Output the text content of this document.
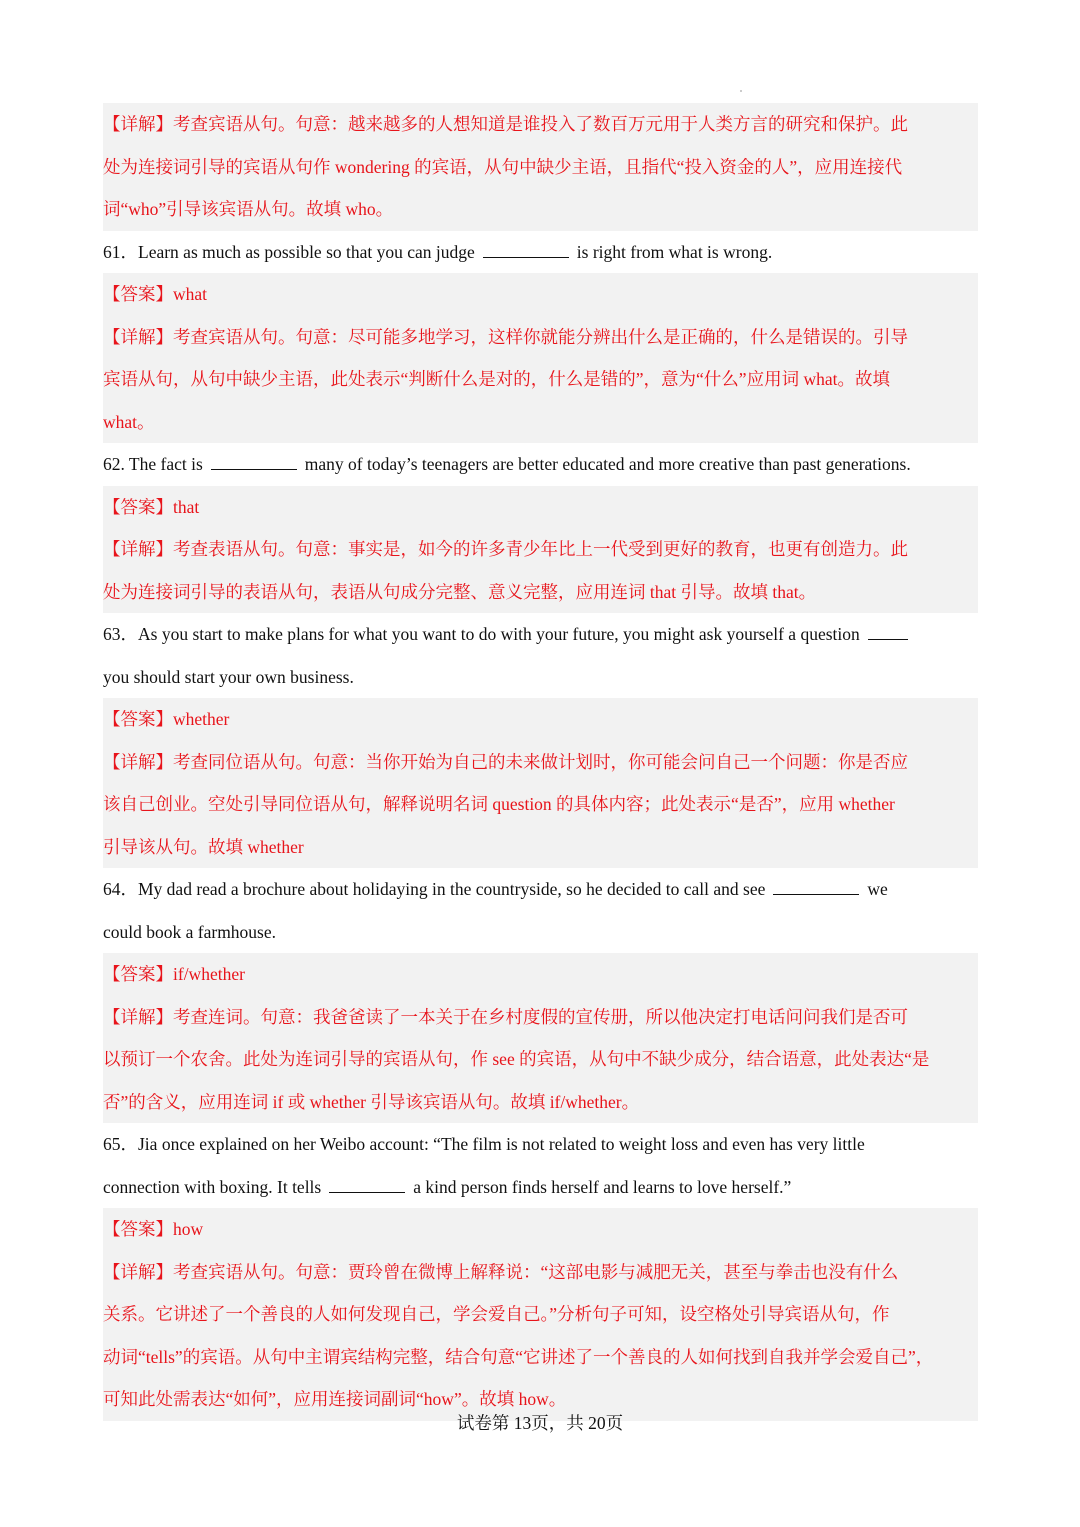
【详解】考查宾语从句。句意：越来越多的人想知道是谁投入了数百万元用于人类方言的研究和保护。此
处为连接词引导的宾语从句作 wondering 的宾语，从句中缺少主语，且指代“投入资金的人”，应用连接代
词“who”引导该宾语从句。故填 who。
61．Learn as much as possible so that you can judge	is right from what is wrong.
【答案】what
【详解】考查宾语从句。句意：尽可能多地学习，这样你就能分辨出什么是正确的，什么是错误的。引导
宾语从句，从句中缺少主语，此处表示“判断什么是对的，什么是错的”，意为“什么”应用词 what。故填
what。
62. The fact is	many of today’s teenagers are better educated and more creative than past generations.
【答案】that
【详解】考查表语从句。句意：事实是，如今的许多青少年比上一代受到更好的教育，也更有创造力。此
处为连接词引导的表语从句，表语从句成分完整、意义完整，应用连词 that 引导。故填 that。
63．As you start to make plans for what you want to do with your future, you might ask yourself a question
you should start your own business.
【答案】whether
【详解】考查同位语从句。句意：当你开始为自己的未来做计划时，你可能会问自己一个问题：你是否应
该自己创业。空处引导同位语从句，解释说明名词 question 的具体内容；此处表示“是否”，应用 whether
引导该从句。故填 whether
64．My dad read a brochure about holidaying in the countryside, so he decided to call and see	we
could book a farmhouse.
【答案】if/whether
【详解】考查连词。句意：我爸爸读了一本关于在乡村度假的宣传册，所以他决定打电话问问我们是否可
以预订一个农舍。此处为连词引导的宾语从句，作 see 的宾语，从句中不缺少成分，结合语意，此处表达“是
否”的含义，应用连词 if 或 whether 引导该宾语从句。故填 if/whether。
65．Jia once explained on her Weibo account: “The film is not related to weight loss and even has very little
connection with boxing. It tells	a kind person finds herself and learns to love herself.”
【答案】how
【详解】考查宾语从句。句意：贾玲曾在微博上解释说：“这部电影与减肥无关，甚至与拳击也没有什么
关系。它讲述了一个善良的人如何发现自己，学会爱自己。”分析句子可知，设空格处引导宾语从句，作
动词“tells”的宾语。从句中主谓宾结构完整，结合句意“它讲述了一个善良的人如何找到自我并学会爱自己”，
可知此处需表达“如何”，应用连接词副词“how”。故填 how。
试卷第 13页，共 20页
